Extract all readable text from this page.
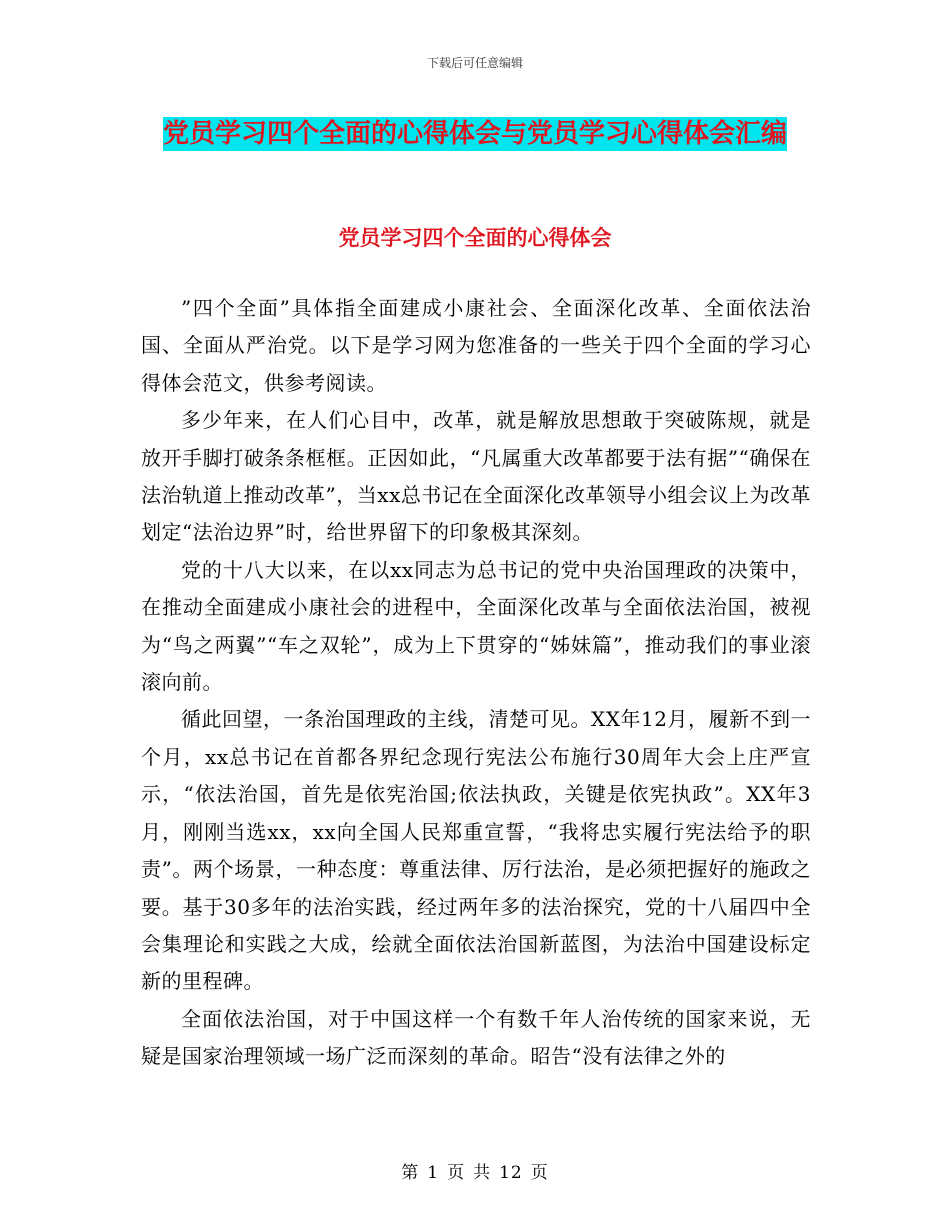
下载后可任意编辑
党员学习四个全面的心得体会与党员学习心得体会汇编
党员学习四个全面的心得体会

”四个全面”具体指全面建成小康社会、全面深化改革、全面依法治国、全面从严治党。以下是学习网为您准备的一些关于四个全面的学习心得体会范文，供参考阅读。

多少年来，在人们心目中，改革，就是解放思想敢于突破陈规，就是放开手脚打破条条框框。正因如此，“凡属重大改革都要于法有据”“确保在法治轨道上推动改革”，当xx总书记在全面深化改革领导小组会议上为改革划定“法治边界”时，给世界留下的印象极其深刻。

党的十八大以来，在以xx同志为总书记的党中央治国理政的决策中，在推动全面建成小康社会的进程中，全面深化改革与全面依法治国，被视为“鸟之两翼”“车之双轮”，成为上下贯穿的“姊妹篇”，推动我们的事业滚滚向前。

循此回望，一条治国理政的主线，清楚可见。XX年12月，履新不到一个月，xx总书记在首都各界纪念现行宪法公布施行30周年大会上庄严宣示，“依法治国，首先是依宪治国;依法执政，关键是依宪执政”。XX年3月，刚刚当选xx，xx向全国人民郑重宣誓，“我将忠实履行宪法给予的职责”。两个场景，一种态度：尊重法律、厉行法治，是必须把握好的施政之要。基于30多年的法治实践，经过两年多的法治探究，党的十八届四中全会集理论和实践之大成，绘就全面依法治国新蓝图，为法治中国建设标定新的里程碑。

全面依法治国，对于中国这样一个有数千年人治传统的国家来说，无疑是国家治理领域一场广泛而深刻的革命。昭告“没有法律之外的

第 1 页 共 12 页
